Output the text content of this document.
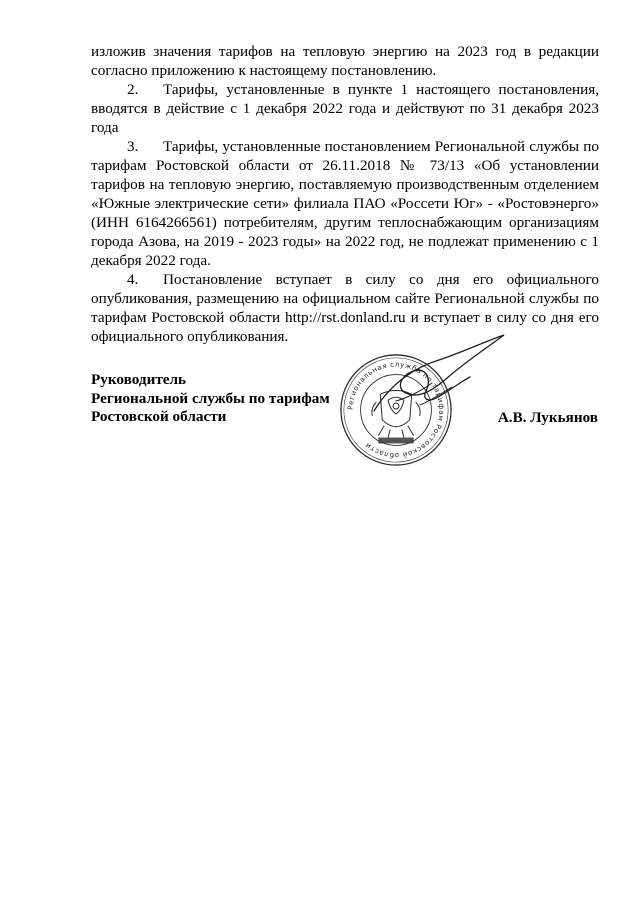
изложив значения тарифов на тепловую энергию на 2023 год в редакции согласно приложению к настоящему постановлению.

2. Тарифы, установленные в пункте 1 настоящего постановления, вводятся в действие с 1 декабря 2022 года и действуют по 31 декабря 2023 года

3. Тарифы, установленные постановлением Региональной службы по тарифам Ростовской области от 26.11.2018 № 73/13 «Об установлении тарифов на тепловую энергию, поставляемую производственным отделением «Южные электрические сети» филиала ПАО «Россети Юг» - «Ростовэнерго» (ИНН 6164266561) потребителям, другим теплоснабжающим организациям города Азова, на 2019 - 2023 годы» на 2022 год, не подлежат применению с 1 декабря 2022 года.

4. Постановление вступает в силу со дня его официального опубликования, размещению на официальном сайте Региональной службы по тарифам Ростовской области http://rst.donland.ru и вступает в силу со дня его официального опубликования.

Руководитель
Региональной службы по тарифам
Ростовской области
Региональная служба по тарифам Ростовской области
А.В. Лукьянов
